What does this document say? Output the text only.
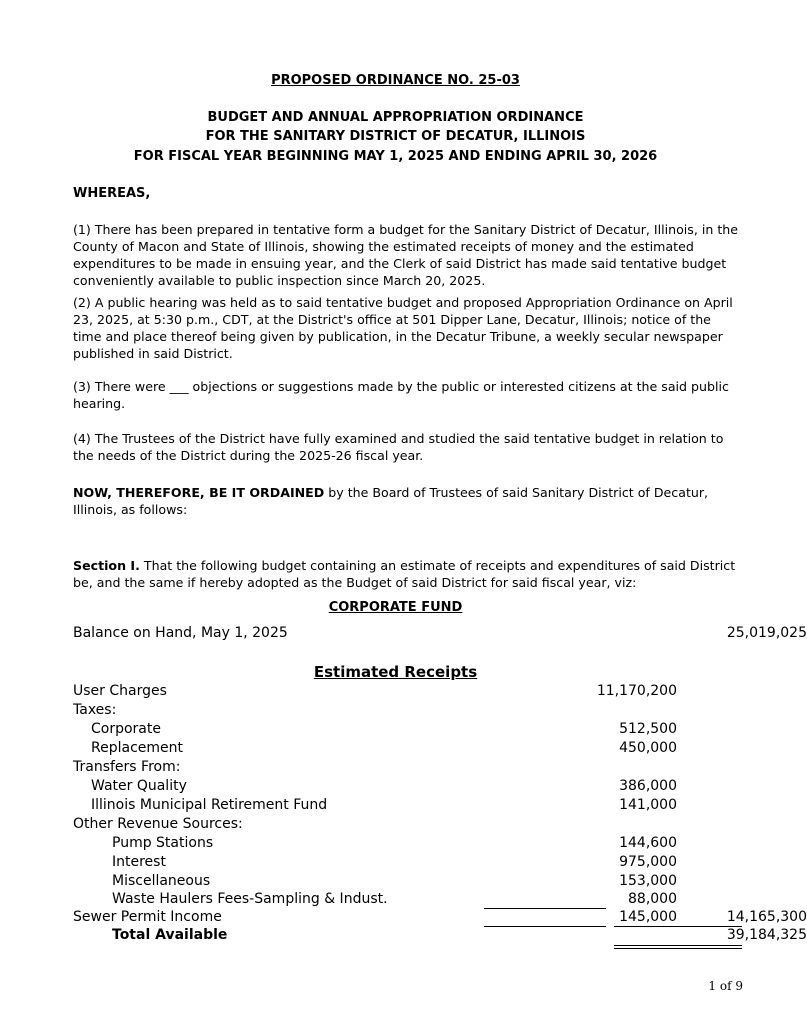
PROPOSED ORDINANCE NO. 25-03
BUDGET AND ANNUAL APPROPRIATION ORDINANCE
FOR THE SANITARY DISTRICT OF DECATUR, ILLINOIS
FOR FISCAL YEAR BEGINNING MAY 1, 2025 AND ENDING APRIL 30, 2026
WHEREAS,
(1) There has been prepared in tentative form a budget for the Sanitary District of Decatur, Illinois, in the County of Macon and State of Illinois, showing the estimated receipts of money and the estimated expenditures to be made in ensuing year, and the Clerk of said District has made said tentative budget conveniently available to public inspection since March 20, 2025.
(2) A public hearing was held as to said tentative budget and proposed Appropriation Ordinance on April 23, 2025, at 5:30 p.m., CDT, at the District's office at 501 Dipper Lane, Decatur, Illinois; notice of the time and place thereof being given by publication, in the Decatur Tribune, a weekly secular newspaper published in said District.
(3) There were ___ objections or suggestions made by the public or interested citizens at the said public hearing.
(4) The Trustees of the District have fully examined and studied the said tentative budget in relation to the needs of the District during the 2025-26 fiscal year.
NOW, THEREFORE, BE IT ORDAINED by the Board of Trustees of said Sanitary District of Decatur, Illinois, as follows:
Section I. That the following budget containing an estimate of receipts and expenditures of said District be, and the same if hereby adopted as the Budget of said District for said fiscal year, viz:
CORPORATE FUND
Balance on Hand, May 1, 2025	25,019,025
Estimated Receipts
User Charges	11,170,200
Taxes:
Corporate	512,500
Replacement	450,000
Transfers From:
Water Quality	386,000
Illinois Municipal Retirement Fund	141,000
Other Revenue Sources:
Pump Stations	144,600
Interest	975,000
Miscellaneous	153,000
Waste Haulers Fees-Sampling & Indust.	88,000
Sewer Permit Income	145,000	14,165,300
Total Available	39,184,325
1 of 9
